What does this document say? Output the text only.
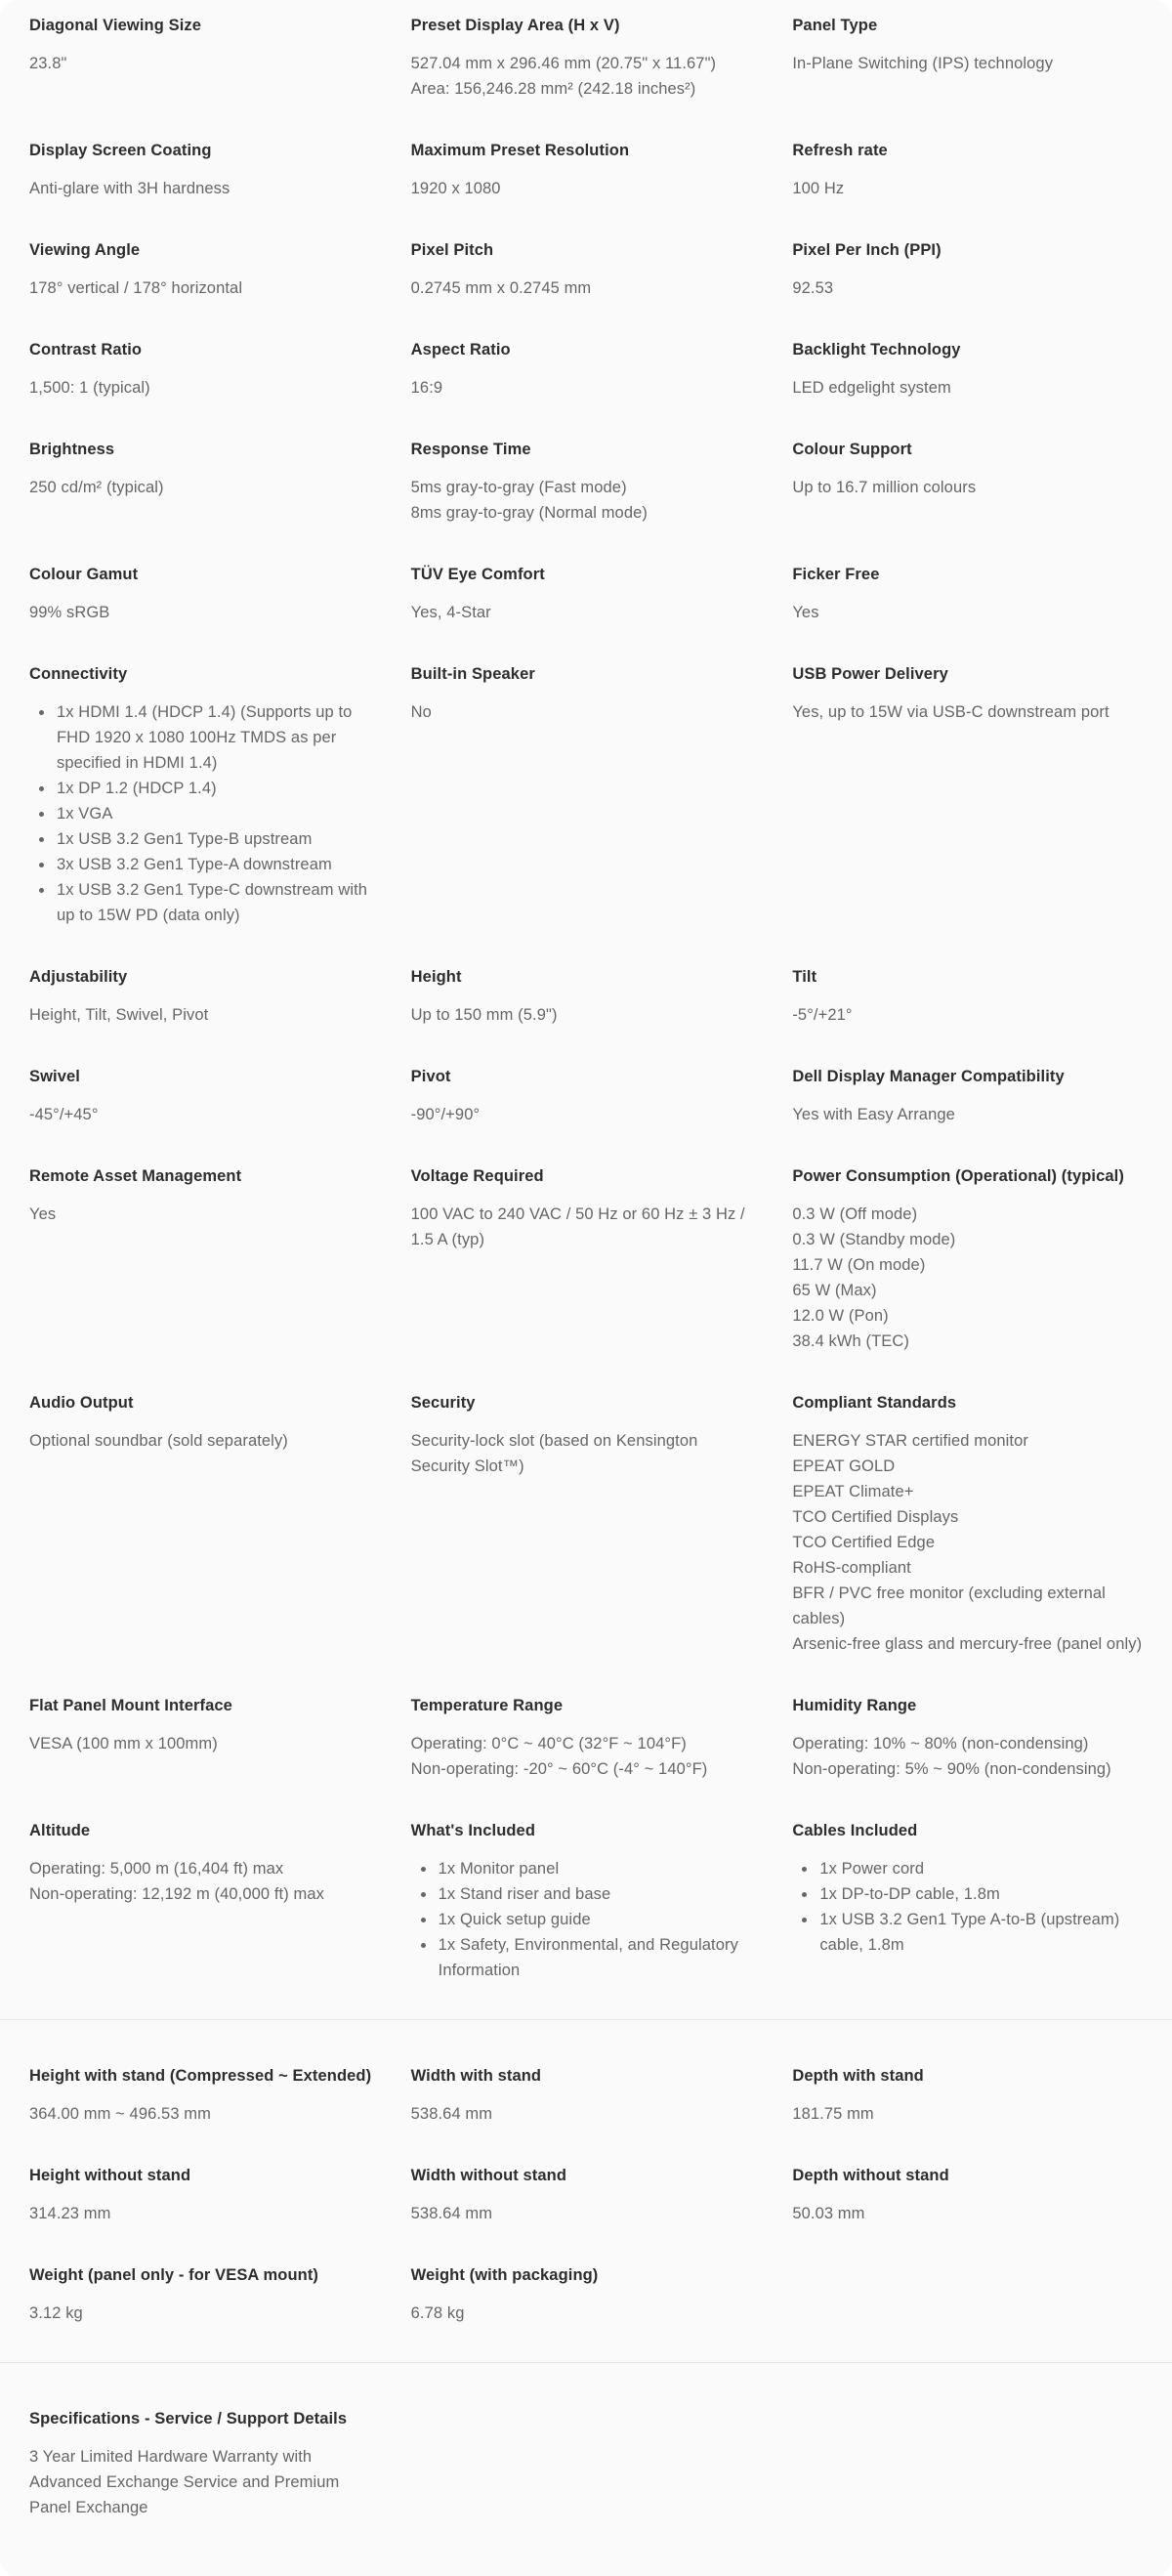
Diagonal Viewing Size
23.8"
Preset Display Area (H x V)
527.04 mm x 296.46 mm (20.75" x 11.67")
Area: 156,246.28 mm² (242.18 inches²)
Panel Type
In-Plane Switching (IPS) technology
Display Screen Coating
Anti-glare with 3H hardness
Maximum Preset Resolution
1920 x 1080
Refresh rate
100 Hz
Viewing Angle
178° vertical / 178° horizontal
Pixel Pitch
0.2745 mm x 0.2745 mm
Pixel Per Inch (PPI)
92.53
Contrast Ratio
1,500: 1 (typical)
Aspect Ratio
16:9
Backlight Technology
LED edgelight system
Brightness
250 cd/m² (typical)
Response Time
5ms gray-to-gray (Fast mode)
8ms gray-to-gray (Normal mode)
Colour Support
Up to 16.7 million colours
Colour Gamut
99% sRGB
TÜV Eye Comfort
Yes, 4-Star
Ficker Free
Yes
Connectivity
• 1x HDMI 1.4 (HDCP 1.4) (Supports up to FHD 1920 x 1080 100Hz TMDS as per specified in HDMI 1.4)
• 1x DP 1.2 (HDCP 1.4)
• 1x VGA
• 1x USB 3.2 Gen1 Type-B upstream
• 3x USB 3.2 Gen1 Type-A downstream
• 1x USB 3.2 Gen1 Type-C downstream with up to 15W PD (data only)
Built-in Speaker
No
USB Power Delivery
Yes, up to 15W via USB-C downstream port
Adjustability
Height, Tilt, Swivel, Pivot
Height
Up to 150 mm (5.9")
Tilt
-5°/+21°
Swivel
-45°/+45°
Pivot
-90°/+90°
Dell Display Manager Compatibility
Yes with Easy Arrange
Remote Asset Management
Yes
Voltage Required
100 VAC to 240 VAC / 50 Hz or 60 Hz ± 3 Hz / 1.5 A (typ)
Power Consumption (Operational) (typical)
0.3 W (Off mode)
0.3 W (Standby mode)
11.7 W (On mode)
65 W (Max)
12.0 W (Pon)
38.4 kWh (TEC)
Audio Output
Optional soundbar (sold separately)
Security
Security-lock slot (based on Kensington Security Slot™)
Compliant Standards
ENERGY STAR certified monitor
EPEAT GOLD
EPEAT Climate+
TCO Certified Displays
TCO Certified Edge
RoHS-compliant
BFR / PVC free monitor (excluding external cables)
Arsenic-free glass and mercury-free (panel only)
Flat Panel Mount Interface
VESA (100 mm x 100mm)
Temperature Range
Operating: 0°C ~ 40°C (32°F ~ 104°F)
Non-operating: -20° ~ 60°C (-4° ~ 140°F)
Humidity Range
Operating: 10% ~ 80% (non-condensing)
Non-operating: 5% ~ 90% (non-condensing)
Altitude
Operating: 5,000 m (16,404 ft) max
Non-operating: 12,192 m (40,000 ft) max
What's Included
• 1x Monitor panel
• 1x Stand riser and base
• 1x Quick setup guide
• 1x Safety, Environmental, and Regulatory Information
Cables Included
• 1x Power cord
• 1x DP-to-DP cable, 1.8m
• 1x USB 3.2 Gen1 Type A-to-B (upstream) cable, 1.8m
Height with stand (Compressed ~ Extended)
364.00 mm ~ 496.53 mm
Width with stand
538.64 mm
Depth with stand
181.75 mm
Height without stand
314.23 mm
Width without stand
538.64 mm
Depth without stand
50.03 mm
Weight (panel only - for VESA mount)
3.12 kg
Weight (with packaging)
6.78 kg
Specifications - Service / Support Details
3 Year Limited Hardware Warranty with Advanced Exchange Service and Premium Panel Exchange
